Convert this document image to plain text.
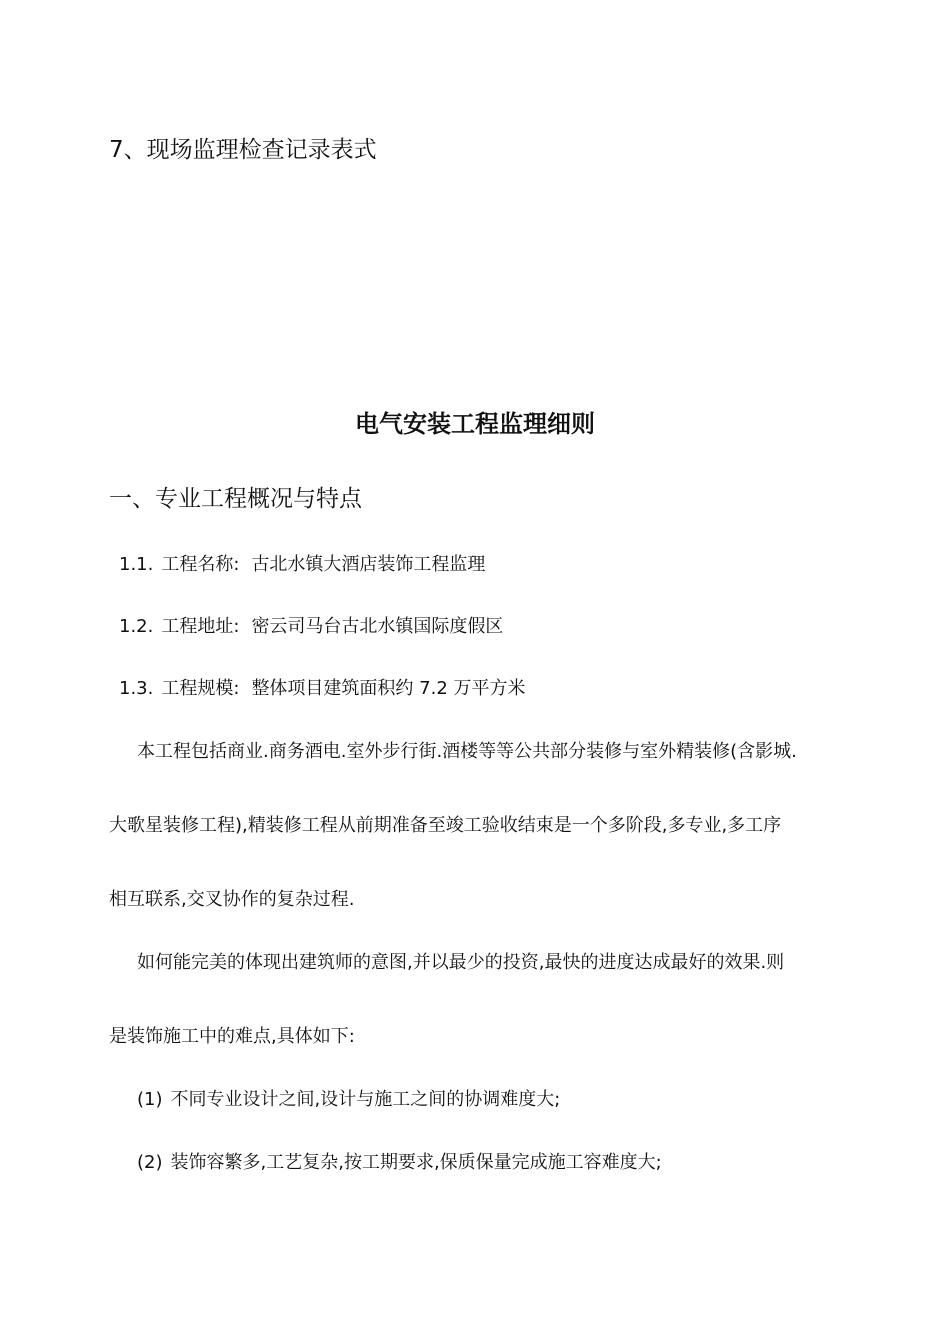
7、现场监理检查记录表式
电气安装工程监理细则
一、专业工程概况与特点
1.1. 工程名称: 古北水镇大酒店装饰工程监理
1.2. 工程地址: 密云司马台古北水镇国际度假区
1.3. 工程规模: 整体项目建筑面积约 7.2 万平方米
本工程包括商业.商务酒电.室外步行街.酒楼等等公共部分装修与室外精装修(含影城.
大歌星装修工程),精装修工程从前期准备至竣工验收结束是一个多阶段,多专业,多工序
相互联系,交叉协作的复杂过程.
如何能完美的体现出建筑师的意图,并以最少的投资,最快的进度达成最好的效果.则
是装饰施工中的难点,具体如下:
(1) 不同专业设计之间,设计与施工之间的协调难度大;
(2) 装饰容繁多,工艺复杂,按工期要求,保质保量完成施工容难度大;
